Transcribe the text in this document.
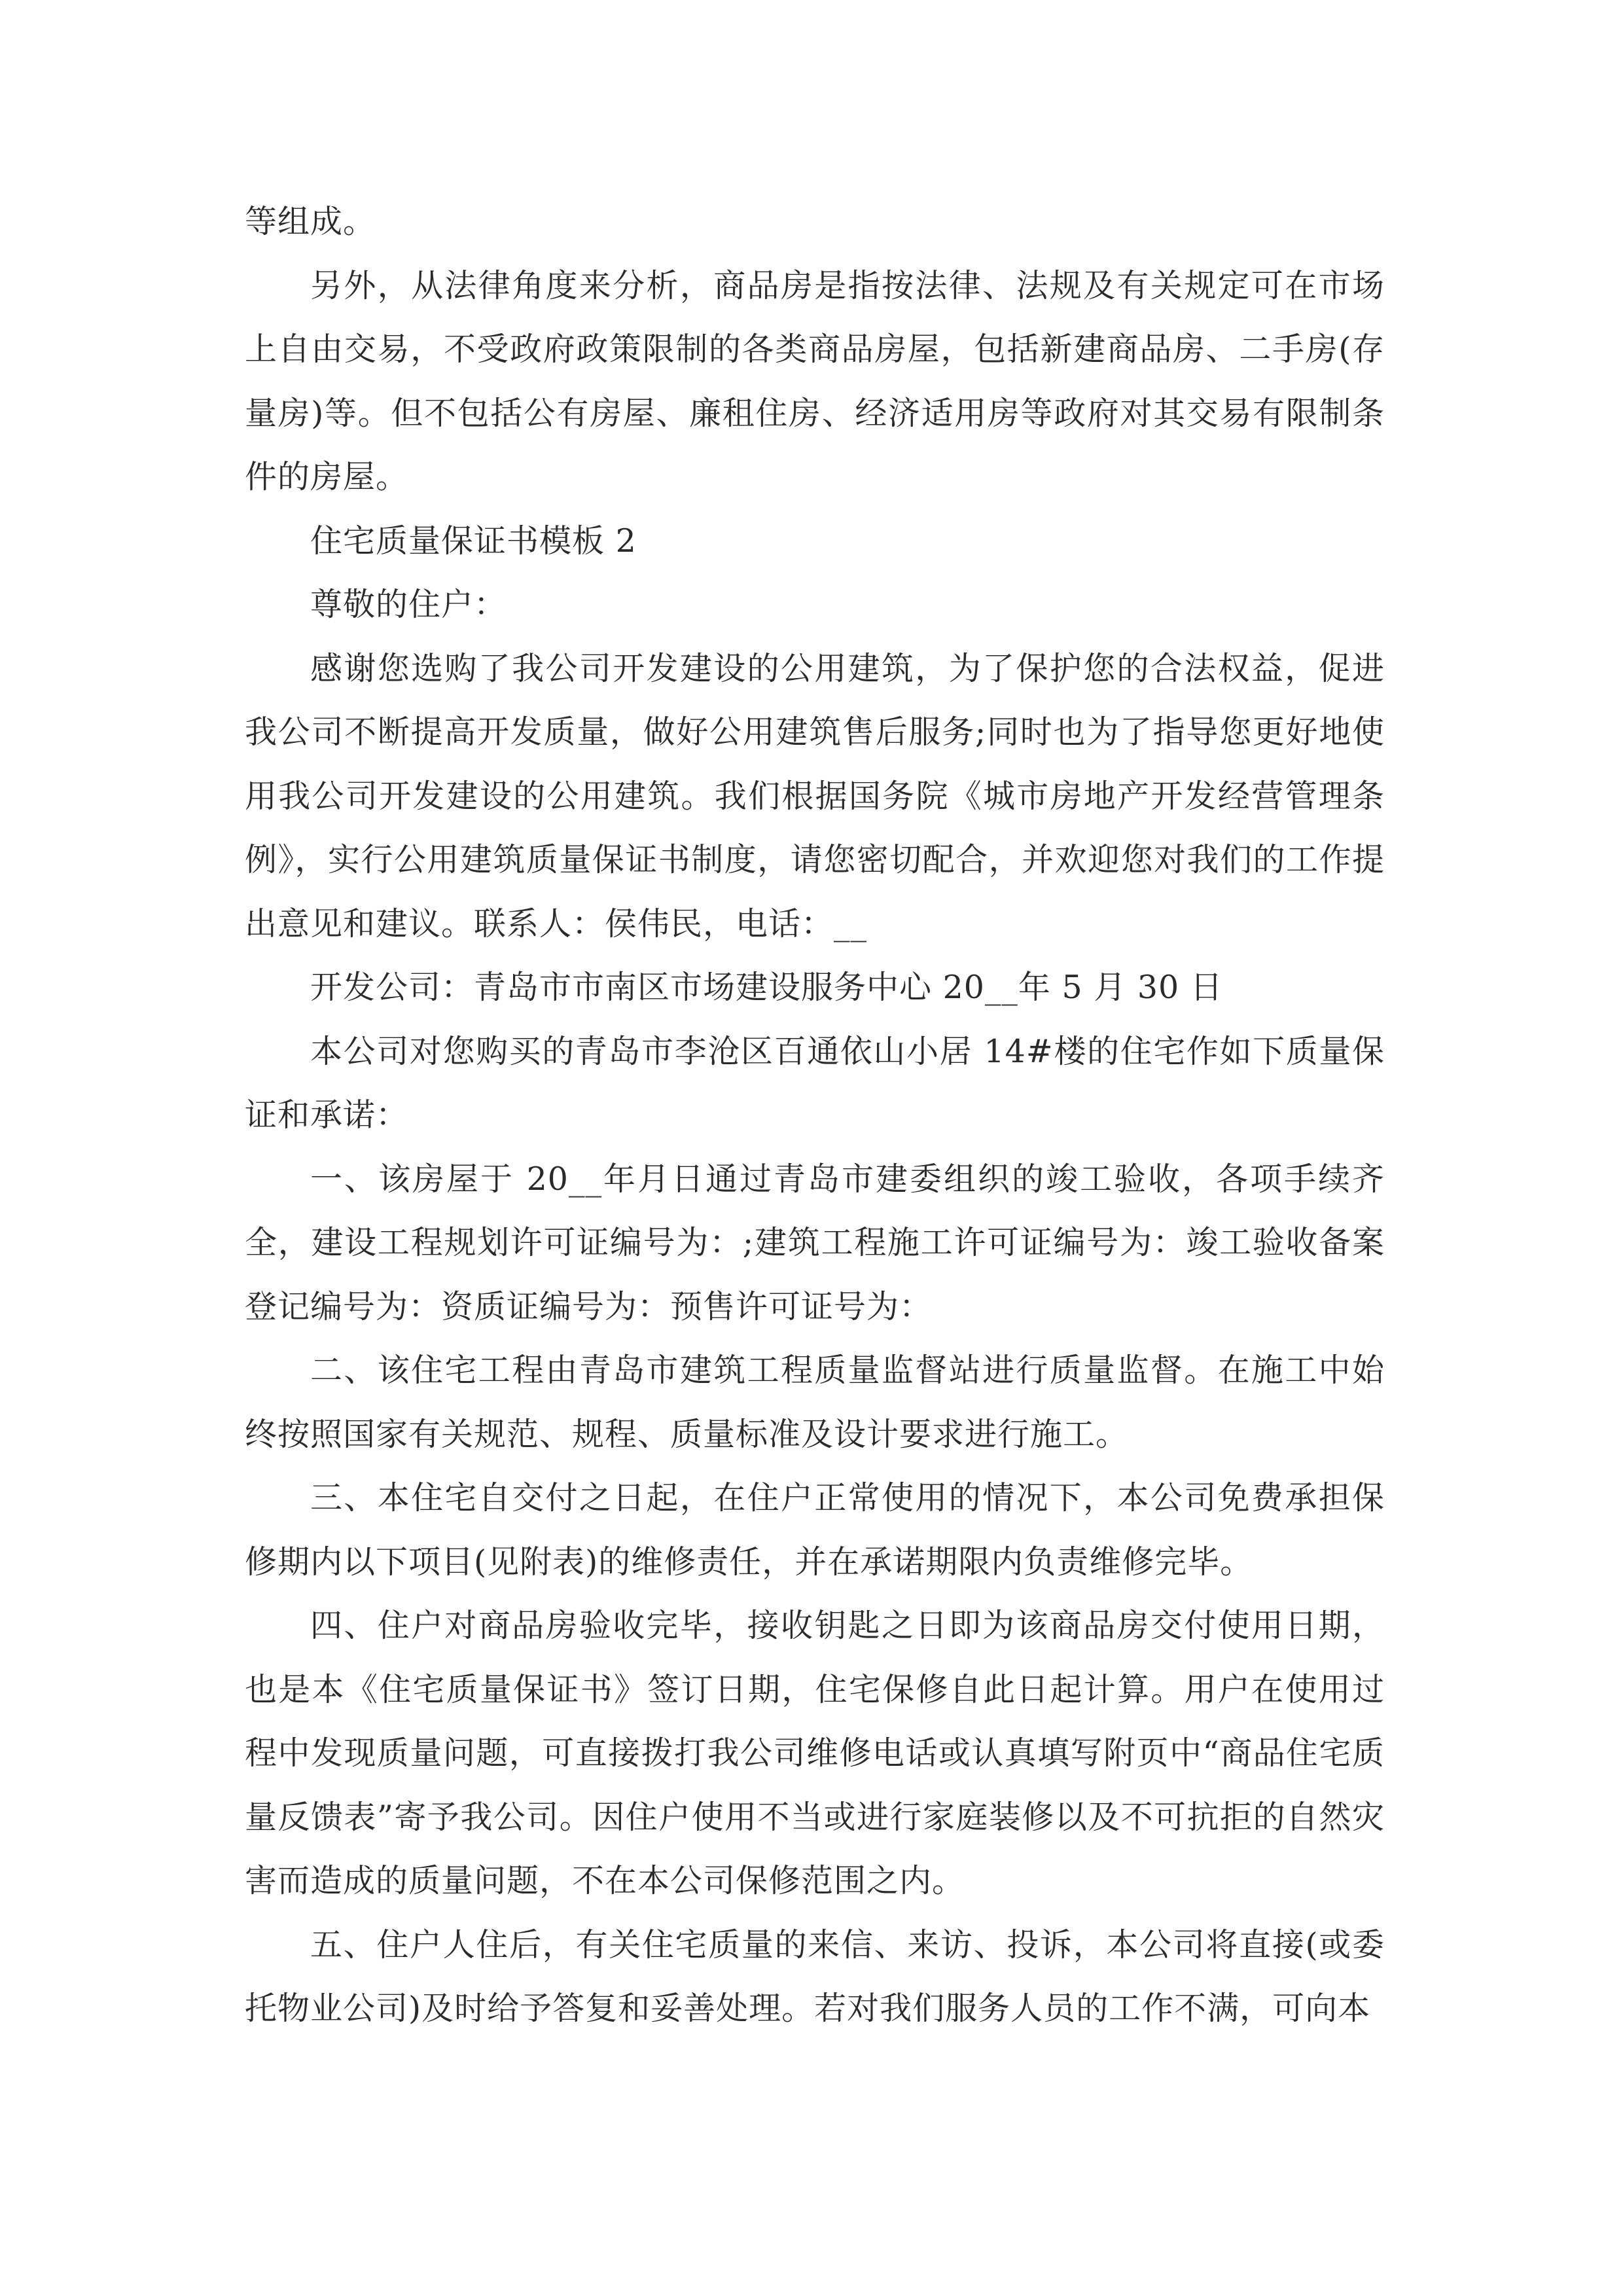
等组成。

另外，从法律角度来分析，商品房是指按法律、法规及有关规定可在市场上自由交易，不受政府政策限制的各类商品房屋，包括新建商品房、二手房(存量房)等。但不包括公有房屋、廉租住房、经济适用房等政府对其交易有限制条件的房屋。

住宅质量保证书模板 2

尊敬的住户：

感谢您选购了我公司开发建设的公用建筑，为了保护您的合法权益，促进我公司不断提高开发质量，做好公用建筑售后服务;同时也为了指导您更好地使用我公司开发建设的公用建筑。我们根据国务院《城市房地产开发经营管理条例》，实行公用建筑质量保证书制度，请您密切配合，并欢迎您对我们的工作提出意见和建议。联系人：侯伟民，电话：__

开发公司：青岛市市南区市场建设服务中心 20__年 5 月 30 日

本公司对您购买的青岛市李沧区百通依山小居 14#楼的住宅作如下质量保证和承诺：

一、该房屋于 20__年月日通过青岛市建委组织的竣工验收，各项手续齐全，建设工程规划许可证编号为：;建筑工程施工许可证编号为：竣工验收备案登记编号为：资质证编号为：预售许可证号为：

二、该住宅工程由青岛市建筑工程质量监督站进行质量监督。在施工中始终按照国家有关规范、规程、质量标准及设计要求进行施工。

三、本住宅自交付之日起，在住户正常使用的情况下，本公司免费承担保修期内以下项目(见附表)的维修责任，并在承诺期限内负责维修完毕。

四、住户对商品房验收完毕，接收钥匙之日即为该商品房交付使用日期，也是本《住宅质量保证书》签订日期，住宅保修自此日起计算。用户在使用过程中发现质量问题，可直接拨打我公司维修电话或认真填写附页中“商品住宅质量反馈表”寄予我公司。因住户使用不当或进行家庭装修以及不可抗拒的自然灾害而造成的质量问题，不在本公司保修范围之内。

五、住户人住后，有关住宅质量的来信、来访、投诉，本公司将直接(或委托物业公司)及时给予答复和妥善处理。若对我们服务人员的工作不满，可向本
